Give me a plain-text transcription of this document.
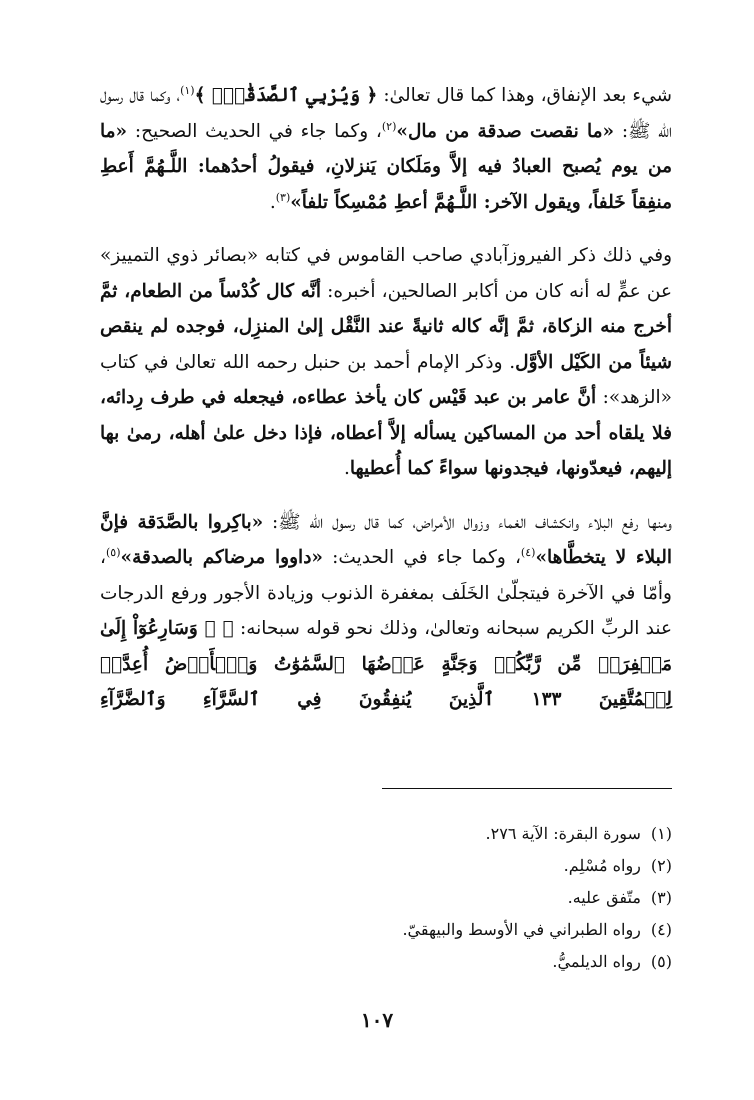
شيء بعد الإنفاق، وهذا كما قال تعالىٰ: ﴿ وَيُرْبِي ٱلصَّدَقَٰتِۗ ﴾$^{(١)}$، وكما قال رسول الله ﷺ: «ما نقصت صدقة من مال»$^{(٢)}$، وكما جاء في الحديث الصحيح: «ما من يوم يُصبح العبادُ فيه إلاَّ ومَلَكان يَنزلانِ، فيقولُ أحدُهما: اللَّـهُمَّ أَعطِ منفِقاً خَلفاً، ويقول الآخر: اللَّـهُمَّ أعطِ مُمْسِكاً تلفاً»$^{(٣)}$.

وفي ذلك ذكر الفيروزآبادي صاحب القاموس في كتابه «بصائر ذوي التمييز» عن عمٍّ له أنه كان من أكابر الصالحين، أخبره: أنَّه كال كُدْساً من الطعام، ثمَّ أخرج منه الزكاة، ثمَّ إنَّه كاله ثانيةً عند النَّقْل إلىٰ المنزِل، فوجده لم ينقص شيئاً من الكَيْل الأوَّل. وذكر الإمام أحمد بن حنبل رحمه الله تعالىٰ في كتاب «الزهد»: أنَّ عامر بن عبد قَيْس كان يأخذ عطاءه، فيجعله في طرف رِدائه، فلا يلقاه أحد من المساكين يسأله إلاَّ أعطاه، فإذا دخل علىٰ أهله، رمىٰ بها إليهم، فيعدّونها، فيجدونها سواءً كما أُعطيها.

ومنها رفع البلاء وانكشاف الغماء وزوال الأمراض، كما قال رسول الله ﷺ: «باكِروا بالصَّدَقة فإنَّ البلاء لا يتخطَّاها»$^{(٤)}$، وكما جاء في الحديث: «داووا مرضاكم بالصدقة»$^{(٥)}$، وأمّا في الآخرة فيتجلّىٰ الخَلَف بمغفرة الذنوب وزيادة الأجور ورفع الدرجات عند الربِّ الكريم سبحانه وتعالىٰ، وذلك نحو قوله سبحانه: ﴿ ۞ وَسَارِعُوٓاْ إِلَىٰ مَغۡفِرَةٖ مِّن رَّبِّكُمۡ وَجَنَّةٍ عَرۡضُهَا ٱلسَّمَٰوَٰتُ وَٱلۡأَرۡضُ أُعِدَّتۡ لِلۡمُتَّقِينَ ١٣٣ ٱلَّذِينَ يُنفِقُونَ فِي ٱلسَّرَّآءِ وَٱلضَّرَّآءِ

(١)سورة البقرة: الآية ٢٧٦.
(٢)رواه مُسْلِم.
(٣)متّفق عليه.
(٤)رواه الطبراني في الأوسط والبيهقيّ.
(٥)رواه الديلميُّ.
١٠٧
